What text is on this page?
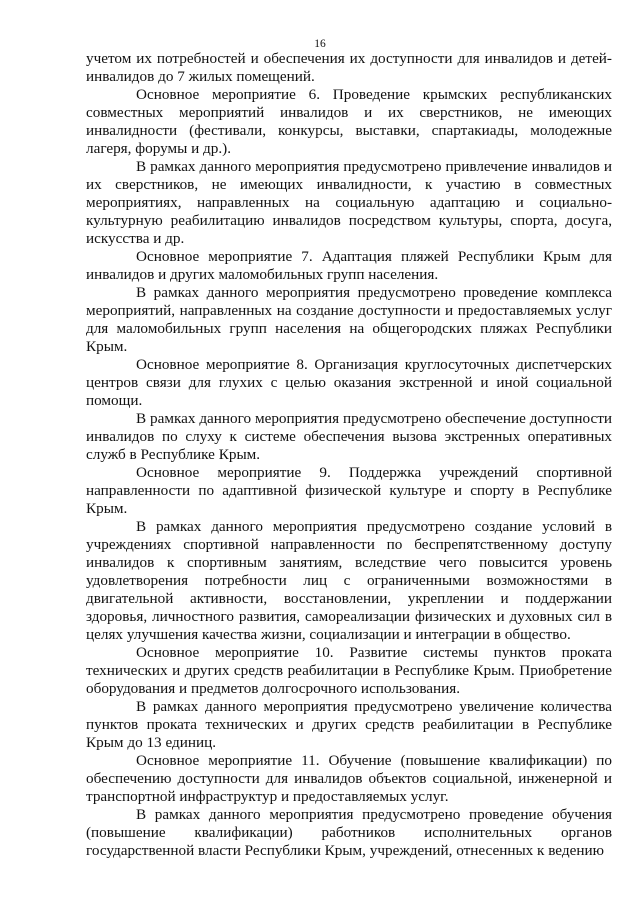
16

учетом их потребностей и обеспечения их доступности для инвалидов и детей-инвалидов до 7 жилых помещений.

Основное мероприятие 6. Проведение крымских республиканских совместных мероприятий инвалидов и их сверстников, не имеющих инвалидности (фестивали, конкурсы, выставки, спартакиады, молодежные лагеря, форумы и др.).

В рамках данного мероприятия предусмотрено привлечение инвалидов и их сверстников, не имеющих инвалидности, к участию в совместных мероприятиях, направленных на социальную адаптацию и социально-культурную реабилитацию инвалидов посредством культуры, спорта, досуга, искусства и др.

Основное мероприятие 7. Адаптация пляжей Республики Крым для инвалидов и других маломобильных групп населения.

В рамках данного мероприятия предусмотрено проведение комплекса мероприятий, направленных на создание доступности и предоставляемых услуг для маломобильных групп населения на общегородских пляжах Республики Крым.

Основное мероприятие 8. Организация круглосуточных диспетчерских центров связи для глухих с целью оказания экстренной и иной социальной помощи.

В рамках данного мероприятия предусмотрено обеспечение доступности инвалидов по слуху к системе обеспечения вызова экстренных оперативных служб в Республике Крым.

Основное мероприятие 9. Поддержка учреждений спортивной направленности по адаптивной физической культуре и спорту в Республике Крым.

В рамках данного мероприятия предусмотрено создание условий в учреждениях спортивной направленности по беспрепятственному доступу инвалидов к спортивным занятиям, вследствие чего повысится уровень удовлетворения потребности лиц с ограниченными возможностями в двигательной активности, восстановлении, укреплении и поддержании здоровья, личностного развития, самореализации физических и духовных сил в целях улучшения качества жизни, социализации и интеграции в общество.

Основное мероприятие 10. Развитие системы пунктов проката технических и других средств реабилитации в Республике Крым. Приобретение оборудования и предметов долгосрочного использования.

В рамках данного мероприятия предусмотрено увеличение количества пунктов проката технических и других средств реабилитации в Республике Крым до 13 единиц.

Основное мероприятие 11. Обучение (повышение квалификации) по обеспечению доступности для инвалидов объектов социальной, инженерной и транспортной инфраструктур и предоставляемых услуг.

В рамках данного мероприятия предусмотрено проведение обучения (повышение квалификации) работников исполнительных органов государственной власти Республики Крым, учреждений, отнесенных к ведению
